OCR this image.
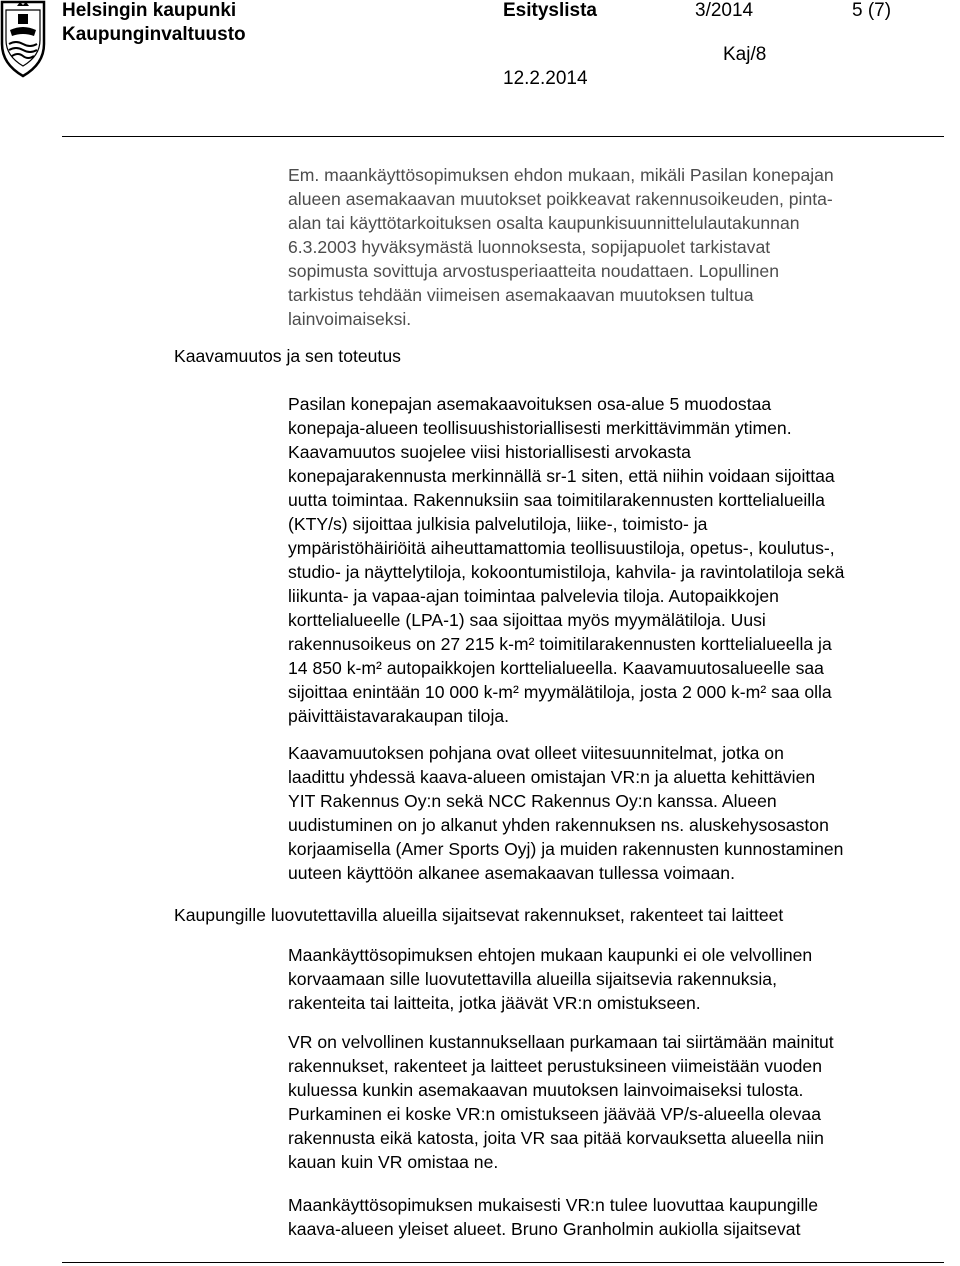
Helsingin kaupunki
Kaupunginvaltuusto
Esityslista	3/2014	5 (7)
Kaj/8
12.2.2014
Em. maankäyttösopimuksen ehdon mukaan, mikäli Pasilan konepajan
alueen asemakaavan muutokset poikkeavat rakennusoikeuden, pinta-
alan tai käyttötarkoituksen osalta kaupunkisuunnittelulautakunnan
6.3.2003 hyväksymästä luonnoksesta, sopijapuolet tarkistavat
sopimusta sovittuja arvostusperiaatteita noudattaen. Lopullinen
tarkistus tehdään viimeisen asemakaavan muutoksen tultua
lainvoimaiseksi.
Kaavamuutos ja sen toteutus
Pasilan konepajan asemakaavoituksen osa-alue 5 muodostaa
konepaja-alueen teollisuushistoriallisesti merkittävimmän ytimen.
Kaavamuutos suojelee viisi historiallisesti arvokasta
konepajarakennusta merkinnällä sr-1 siten, että niihin voidaan sijoittaa
uutta toimintaa. Rakennuksiin saa toimitilarakennusten korttelialueilla
(KTY/s) sijoittaa julkisia palvelutiloja, liike-, toimisto- ja
ympäristöhäiriöitä aiheuttamattomia teollisuustiloja, opetus-, koulutus-,
studio- ja näyttelytiloja, kokoontumistiloja, kahvila- ja ravintolatiloja sekä
liikunta- ja vapaa-ajan toimintaa palvelevia tiloja. Autopaikkojen
korttelialueelle (LPA-1) saa sijoittaa myös myymälätiloja. Uusi
rakennusoikeus on 27 215 k-m² toimitilarakennusten korttelialueella ja
14 850 k-m² autopaikkojen korttelialueella. Kaavamuutosalueelle saa
sijoittaa enintään 10 000 k-m² myymälätiloja, josta 2 000 k-m² saa olla
päivittäistavarakaupan tiloja.
Kaavamuutoksen pohjana ovat olleet viitesuunnitelmat, jotka on
laadittu yhdessä kaava-alueen omistajan VR:n ja aluetta kehittävien
YIT Rakennus Oy:n sekä NCC Rakennus Oy:n kanssa. Alueen
uudistuminen on jo alkanut yhden rakennuksen ns. aluskehysosaston
korjaamisella (Amer Sports Oyj) ja muiden rakennusten kunnostaminen
uuteen käyttöön alkanee asemakaavan tullessa voimaan.
Kaupungille luovutettavilla alueilla sijaitsevat rakennukset, rakenteet tai laitteet
Maankäyttösopimuksen ehtojen mukaan kaupunki ei ole velvollinen
korvaamaan sille luovutettavilla alueilla sijaitsevia rakennuksia,
rakenteita tai laitteita, jotka jäävät VR:n omistukseen.
VR on velvollinen kustannuksellaan purkamaan tai siirtämään mainitut
rakennukset, rakenteet ja laitteet perustuksineen viimeistään vuoden
kuluessa kunkin asemakaavan muutoksen lainvoimaiseksi tulosta.
Purkaminen ei koske VR:n omistukseen jäävää VP/s-alueella olevaa
rakennusta eikä katosta, joita VR saa pitää korvauksetta alueella niin
kauan kuin VR omistaa ne.
Maankäyttösopimuksen mukaisesti VR:n tulee luovuttaa kaupungille
kaava-alueen yleiset alueet. Bruno Granholmin aukiolla sijaitsevat
